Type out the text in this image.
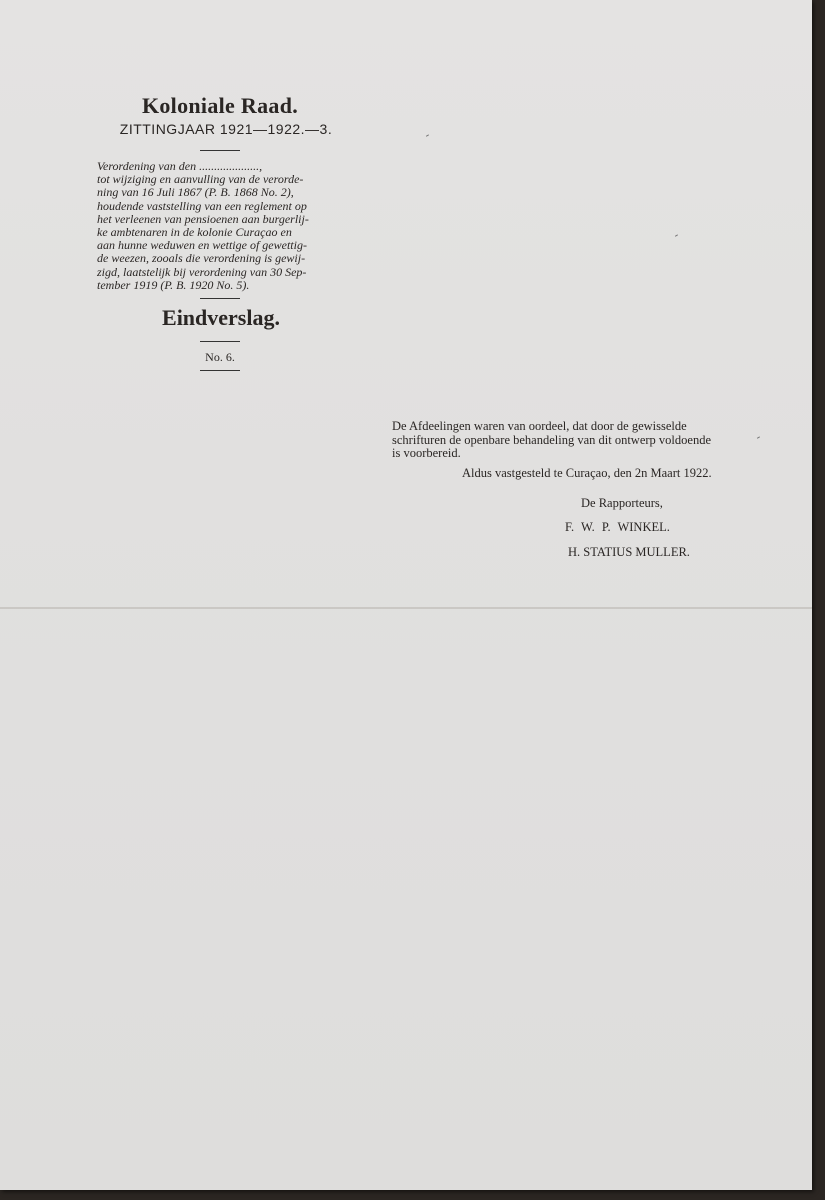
Koloniale Raad.
ZITTINGJAAR 1921—1922.—3.
Verordening van den ....................,
tot wijziging en aanvulling van de verorde-
ning van 16 Juli 1867 (P. B. 1868 No. 2),
houdende vaststelling van een reglement op
het verleenen van pensioenen aan burgerlij-
ke ambtenaren in de kolonie Curaçao en
aan hunne weduwen en wettige of gewettig-
de weezen, zooals die verordening is gewij-
zigd, laatstelijk bij verordening van 30 Sep-
tember 1919 (P. B. 1920 No. 5).
Eindverslag.
No. 6.
De Afdeelingen waren van oordeel, dat door de gewisselde
schrifturen de openbare behandeling van dit ontwerp voldoende
is voorbereid.
Aldus vastgesteld te Curaçao, den 2n Maart 1922.
De Rapporteurs,
F. W. P. WINKEL.
H. STATIUS MULLER.
